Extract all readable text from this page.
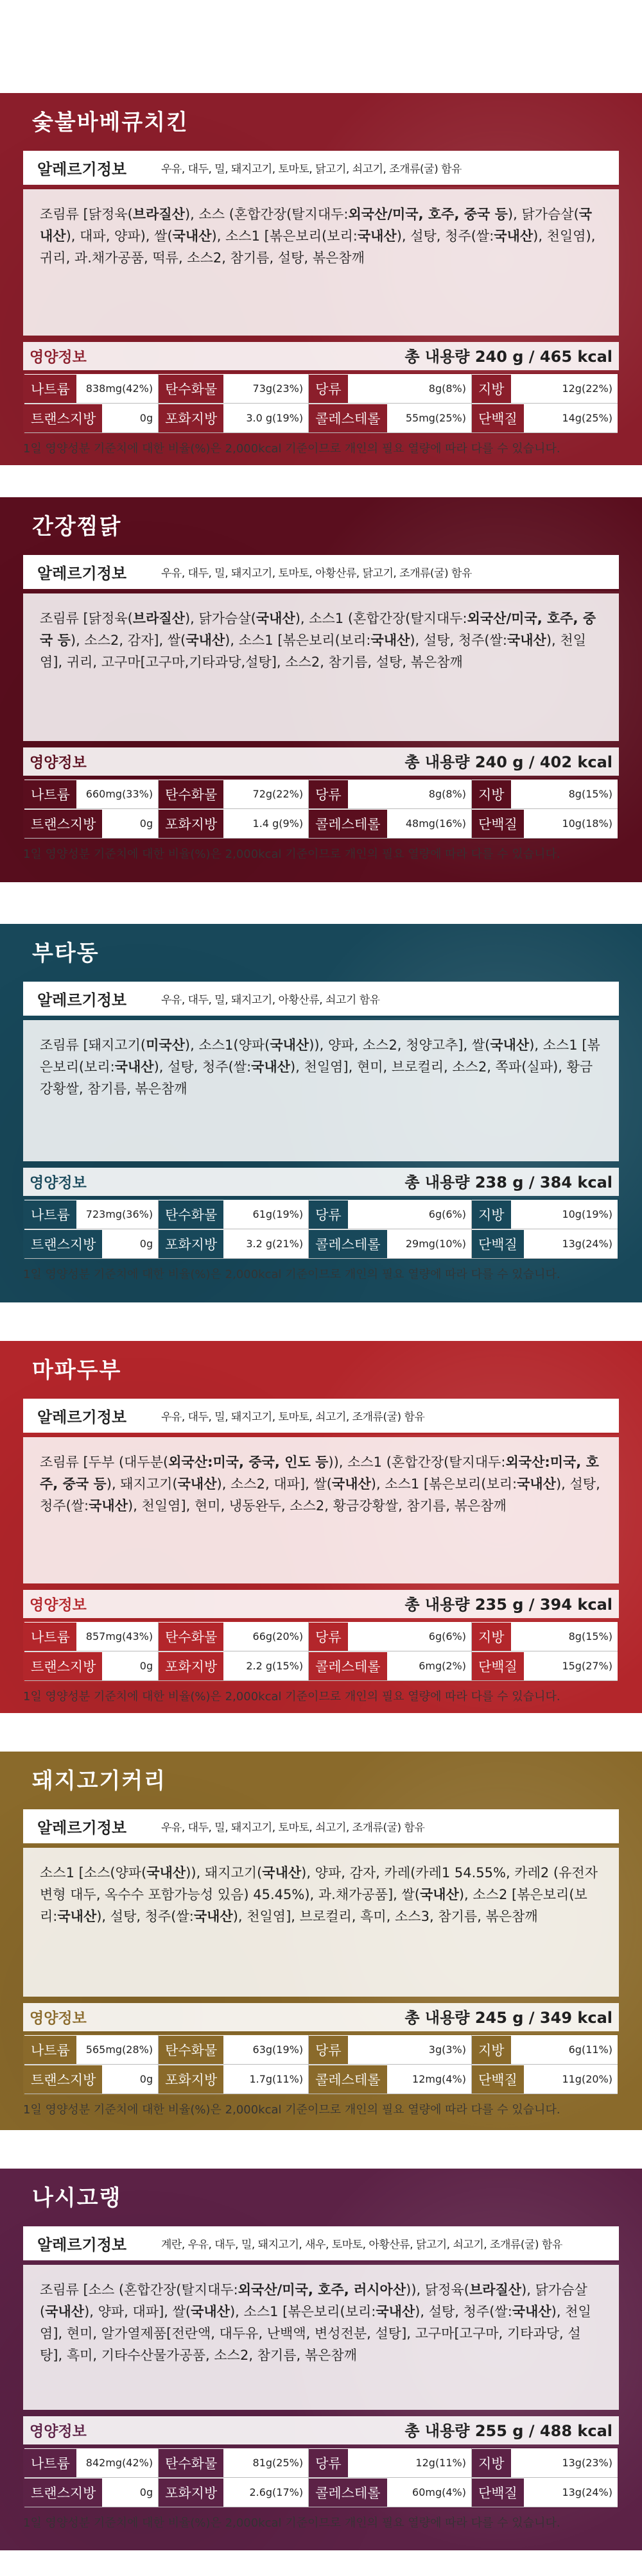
숯불바베큐치킨
알레르기정보	우유, 대두, 밀, 돼지고기, 토마토, 닭고기, 쇠고기, 조개류(굴) 함유
조림류 [닭정육(브라질산), 소스 (혼합간장(탈지대두:외국산/미국, 호주, 중국 등), 닭가슴살(국내산), 대파, 양파), 쌀(국내산), 소스1 [볶은보리(보리:국내산), 설탕, 청주(쌀:국내산), 천일염), 귀리, 과.채가공품, 떡류, 소스2, 참기름, 설탕, 볶은참깨
영양정보	총 내용량 240 g / 465 kcal
나트륨	838mg(42%) 탄수화물	73g(23%) 당류	8g(8%) 지방	12g(22%)
트랜스지방	0g 포화지방	3.0 g(19%) 콜레스테롤	55mg(25%) 단백질	14g(25%)
1일 영양성분 기준치에 대한 비율(%)은 2,000kcal 기준이므로 개인의 필요 열량에 따라 다를 수 있습니다.
간장찜닭
알레르기정보	우유, 대두, 밀, 돼지고기, 토마토, 아황산류, 닭고기, 조개류(굴) 함유
조림류 [닭정육(브라질산), 닭가슴살(국내산), 소스1 (혼합간장(탈지대두:외국산/미국, 호주, 중국 등), 소스2, 감자], 쌀(국내산), 소스1 [볶은보리(보리:국내산), 설탕, 청주(쌀:국내산), 천일염], 귀리, 고구마[고구마,기타과당,설탕], 소스2, 참기름, 설탕, 볶은참깨
영양정보	총 내용량 240 g / 402 kcal
나트륨	660mg(33%) 탄수화물	72g(22%) 당류	8g(8%) 지방	8g(15%)
트랜스지방	0g 포화지방	1.4 g(9%) 콜레스테롤	48mg(16%) 단백질	10g(18%)
1일 영양성분 기준치에 대한 비율(%)은 2,000kcal 기준이므로 개인의 필요 열량에 따라 다를 수 있습니다.
부타동
알레르기정보	우유, 대두, 밀, 돼지고기, 아황산류, 쇠고기 함유
조림류 [돼지고기(미국산), 소스1(양파(국내산)), 양파, 소스2, 청양고추], 쌀(국내산), 소스1 [볶은보리(보리:국내산), 설탕, 청주(쌀:국내산), 천일염], 현미, 브로컬리, 소스2, 쪽파(실파), 황금강황쌀, 참기름, 볶은참깨
영양정보	총 내용량 238 g / 384 kcal
나트륨	723mg(36%) 탄수화물	61g(19%) 당류	6g(6%) 지방	10g(19%)
트랜스지방	0g 포화지방	3.2 g(21%) 콜레스테롤	29mg(10%) 단백질	13g(24%)
1일 영양성분 기준치에 대한 비율(%)은 2,000kcal 기준이므로 개인의 필요 열량에 따라 다를 수 있습니다.
마파두부
알레르기정보	우유, 대두, 밀, 돼지고기, 토마토, 쇠고기, 조개류(굴) 함유
조림류 [두부 (대두분(외국산:미국, 중국, 인도 등)), 소스1 (혼합간장(탈지대두:외국산:미국, 호주, 중국 등), 돼지고기(국내산), 소스2, 대파], 쌀(국내산), 소스1 [볶은보리(보리:국내산), 설탕, 청주(쌀:국내산), 천일염], 현미, 냉동완두, 소스2, 황금강황쌀, 참기름, 볶은참깨
영양정보	총 내용량 235 g / 394 kcal
나트륨	857mg(43%) 탄수화물	66g(20%) 당류	6g(6%) 지방	8g(15%)
트랜스지방	0g 포화지방	2.2 g(15%) 콜레스테롤	6mg(2%) 단백질	15g(27%)
1일 영양성분 기준치에 대한 비율(%)은 2,000kcal 기준이므로 개인의 필요 열량에 따라 다를 수 있습니다.
돼지고기커리
알레르기정보	우유, 대두, 밀, 돼지고기, 토마토, 쇠고기, 조개류(굴) 함유
소스1 [소스(양파(국내산)), 돼지고기(국내산), 양파, 감자, 카레(카레1 54.55%, 카레2 (유전자 변형 대두, 옥수수 포함가능성 있음) 45.45%), 과.채가공품], 쌀(국내산), 소스2 [볶은보리(보리:국내산), 설탕, 청주(쌀:국내산), 천일염], 브로컬리, 흑미, 소스3, 참기름, 볶은참깨
영양정보	총 내용량 245 g / 349 kcal
나트륨	565mg(28%) 탄수화물	63g(19%) 당류	3g(3%) 지방	6g(11%)
트랜스지방	0g 포화지방	1.7g(11%) 콜레스테롤	12mg(4%) 단백질	11g(20%)
1일 영양성분 기준치에 대한 비율(%)은 2,000kcal 기준이므로 개인의 필요 열량에 따라 다를 수 있습니다.
나시고랭
알레르기정보	계란, 우유, 대두, 밀, 돼지고기, 새우, 토마토, 아황산류, 닭고기, 쇠고기, 조개류(굴) 함유
조림류 [소스 (혼합간장(탈지대두:외국산/미국, 호주, 러시아산)), 닭정육(브라질산), 닭가슴살(국내산), 양파, 대파], 쌀(국내산), 소스1 [볶은보리(보리:국내산), 설탕, 청주(쌀:국내산), 천일염], 현미, 알가열제품[전란액, 대두유, 난백액, 변성전분, 설탕], 고구마[고구마, 기타과당, 설탕], 흑미, 기타수산물가공품, 소스2, 참기름, 볶은참깨
영양정보	총 내용량 255 g / 488 kcal
나트륨	842mg(42%) 탄수화물	81g(25%) 당류	12g(11%) 지방	13g(23%)
트랜스지방	0g 포화지방	2.6g(17%) 콜레스테롤	60mg(4%) 단백질	13g(24%)
1일 영양성분 기준치에 대한 비율(%)은 2,000kcal 기준이므로 개인의 필요 열량에 따라 다를 수 있습니다.
